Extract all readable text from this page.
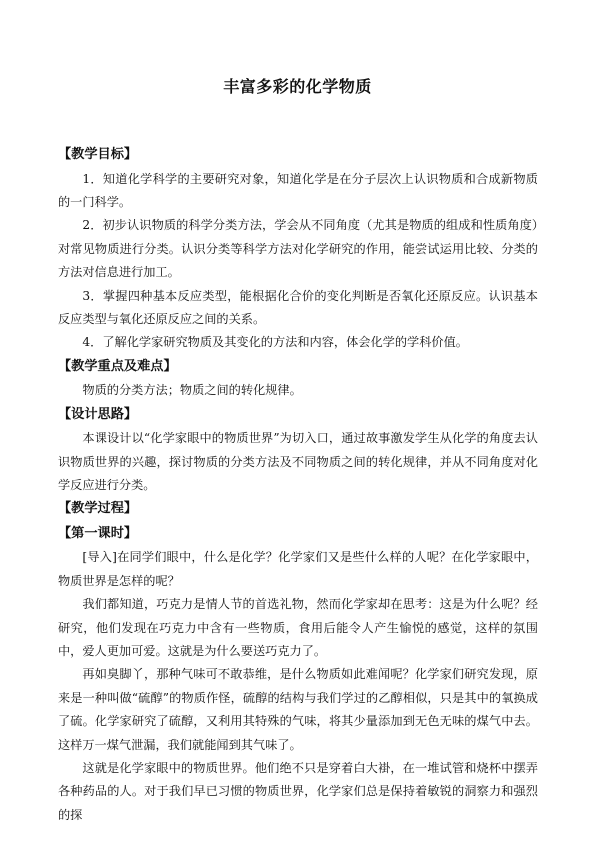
丰富多彩的化学物质
【教学目标】

1．知道化学科学的主要研究对象，知道化学是在分子层次上认识物质和合成新物质的一门科学。

2．初步认识物质的科学分类方法，学会从不同角度（尤其是物质的组成和性质角度）对常见物质进行分类。认识分类等科学方法对化学研究的作用，能尝试运用比较、分类的方法对信息进行加工。

3．掌握四种基本反应类型，能根据化合价的变化判断是否氧化还原反应。认识基本反应类型与氧化还原反应之间的关系。

4．了解化学家研究物质及其变化的方法和内容，体会化学的学科价值。

【教学重点及难点】

物质的分类方法；物质之间的转化规律。

【设计思路】

本课设计以“化学家眼中的物质世界”为切入口，通过故事激发学生从化学的角度去认识物质世界的兴趣，探讨物质的分类方法及不同物质之间的转化规律，并从不同角度对化学反应进行分类。

【教学过程】
【第一课时】

[导入]在同学们眼中，什么是化学？化学家们又是些什么样的人呢？在化学家眼中，物质世界是怎样的呢？

我们都知道，巧克力是情人节的首选礼物，然而化学家却在思考：这是为什么呢？经研究，他们发现在巧克力中含有一些物质，食用后能令人产生愉悦的感觉，这样的氛围中，爱人更加可爱。这就是为什么要送巧克力了。

再如臭脚丫，那种气味可不敢恭维，是什么物质如此难闻呢？化学家们研究发现，原来是一种叫做“硫醇”的物质作怪，硫醇的结构与我们学过的乙醇相似，只是其中的氧换成了硫。化学家研究了硫醇，又利用其特殊的气味，将其少量添加到无色无味的煤气中去。这样万一煤气泄漏，我们就能闻到其气味了。

这就是化学家眼中的物质世界。他们绝不只是穿着白大褂，在一堆试管和烧杯中摆弄各种药品的人。对于我们早已习惯的物质世界，化学家们总是保持着敏锐的洞察力和强烈的探
